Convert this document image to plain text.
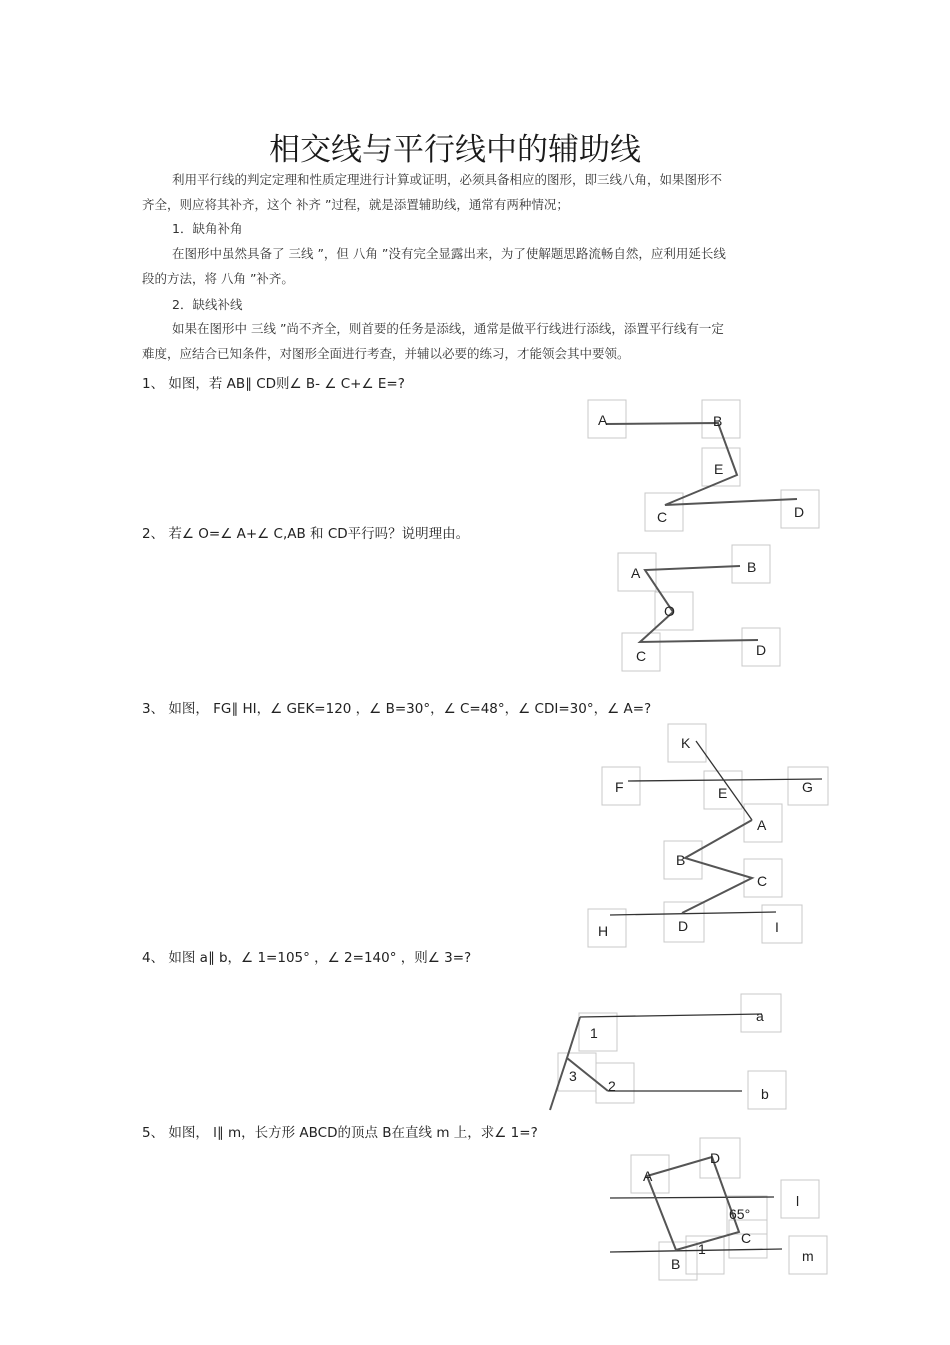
相交线与平行线中的辅助线
利用平行线的判定定理和性质定理进行计算或证明，必须具备相应的图形，即三线八角，如果图形不
齐全，则应将其补齐，这个 补齐 ”过程，就是添置辅助线，通常有两种情况；
1．缺角补角
在图形中虽然具备了 三线 ”，但 八角 ”没有完全显露出来，为了使解题思路流畅自然，应利用延长线
段的方法，将 八角 ”补齐。
2．缺线补线
如果在图形中 三线 ”尚不齐全，则首要的任务是添线，通常是做平行线进行添线，添置平行线有一定
难度，应结合已知条件，对图形全面进行考查，并辅以必要的练习，才能领会其中要领。
1、 如图，若 AB∥ CD则∠ B- ∠ C+∠ E=?
2、 若∠ O=∠ A+∠ C,AB 和 CD平行吗？说明理由。
3、 如图， FG∥ HI，∠ GEK=120 ，∠ B=30°，∠ C=48°，∠ CDI=30°，∠ A=?
4、 如图 a∥ b，∠ 1=105° ，∠ 2=140° ，则∠ 3=?
5、 如图， l∥ m，长方形 ABCD的顶点 B在直线 m 上，求∠ 1=?
A	B
E
C	D
A	B
O
C	D
K
F	E	G
A
B
C
H	D	I
a
1
3
2	b
D
A
l
65°
C
1
B	m
